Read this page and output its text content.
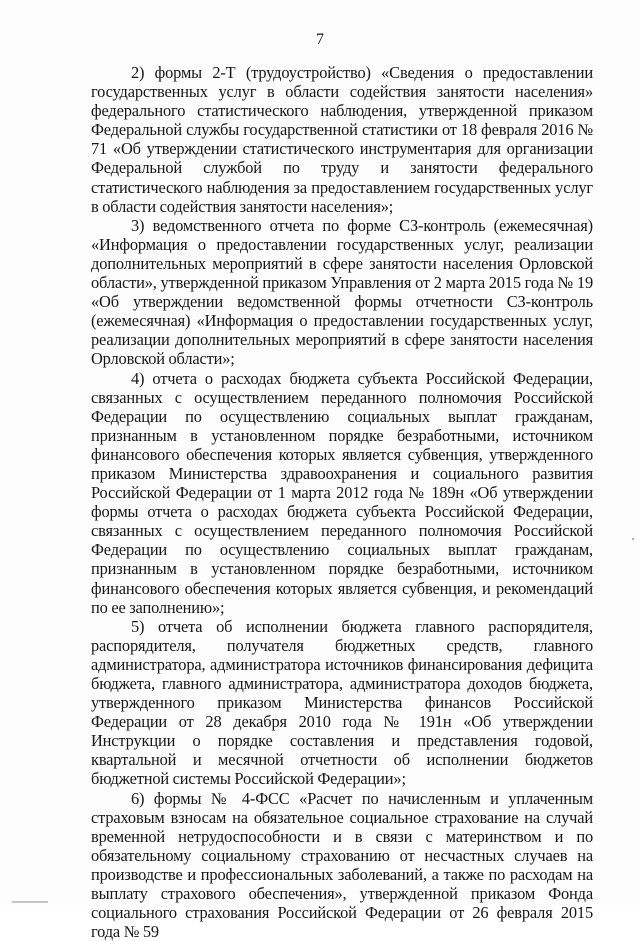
7

2) формы 2-Т (трудоустройство) «Сведения о предоставлении государственных услуг в области содействия занятости населения» федерального статистического наблюдения, утвержденной приказом Федеральной службы государственной статистики от 18 февраля 2016 № 71 «Об утверждении статистического инструментария для организации Федеральной службой по труду и занятости федерального статистического наблюдения за предоставлением государственных услуг в области содействия занятости населения»;

3) ведомственного отчета по форме СЗ-контроль (ежемесячная) «Информация о предоставлении государственных услуг, реализации дополнительных мероприятий в сфере занятости населения Орловской области», утвержденной приказом Управления от 2 марта 2015 года № 19 «Об утверждении ведомственной формы отчетности СЗ-контроль (ежемесячная) «Информация о предоставлении государственных услуг, реализации дополнительных мероприятий в сфере занятости населения Орловской области»;

4) отчета о расходах бюджета субъекта Российской Федерации, связанных с осуществлением переданного полномочия Российской Федерации по осуществлению социальных выплат гражданам, признанным в установленном порядке безработными, источником финансового обеспечения которых является субвенция, утвержденного приказом Министерства здравоохранения и социального развития Российской Федерации от 1 марта 2012 года № 189н «Об утверждении формы отчета о расходах бюджета субъекта Российской Федерации, связанных с осуществлением переданного полномочия Российской Федерации по осуществлению социальных выплат гражданам, признанным в установленном порядке безработными, источником финансового обеспечения которых является субвенция, и рекомендаций по ее заполнению»;

5) отчета об исполнении бюджета главного распорядителя, распорядителя, получателя бюджетных средств, главного администратора, администратора источников финансирования дефицита бюджета, главного администратора, администратора доходов бюджета, утвержденного приказом Министерства финансов Российской Федерации от 28 декабря 2010 года № 191н «Об утверждении Инструкции о порядке составления и представления годовой, квартальной и месячной отчетности об исполнении бюджетов бюджетной системы Российской Федерации»;

6) формы № 4-ФСС «Расчет по начисленным и уплаченным страховым взносам на обязательное социальное страхование на случай временной нетрудоспособности и в связи с материнством и по обязательному социальному страхованию от несчастных случаев на производстве и профессиональных заболеваний, а также по расходам на выплату страхового обеспечения», утвержденной приказом Фонда социального страхования Российской Федерации от 26 февраля 2015 года № 59
